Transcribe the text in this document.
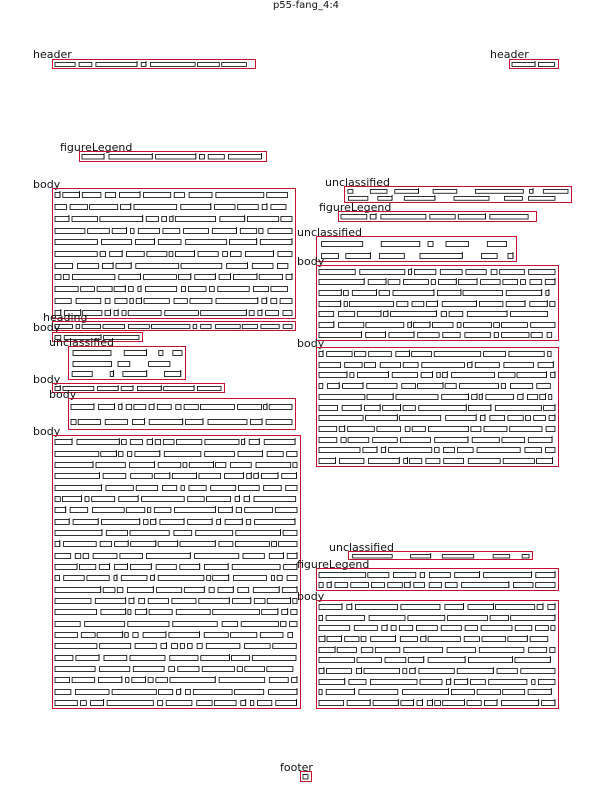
p55-fang_4:4
header	header
figureLegend
body	unclassified
figureLegend
unclassified
body
heading
body
unclassified	body
body
body
body
unclassified
figureLegend
body
footer
